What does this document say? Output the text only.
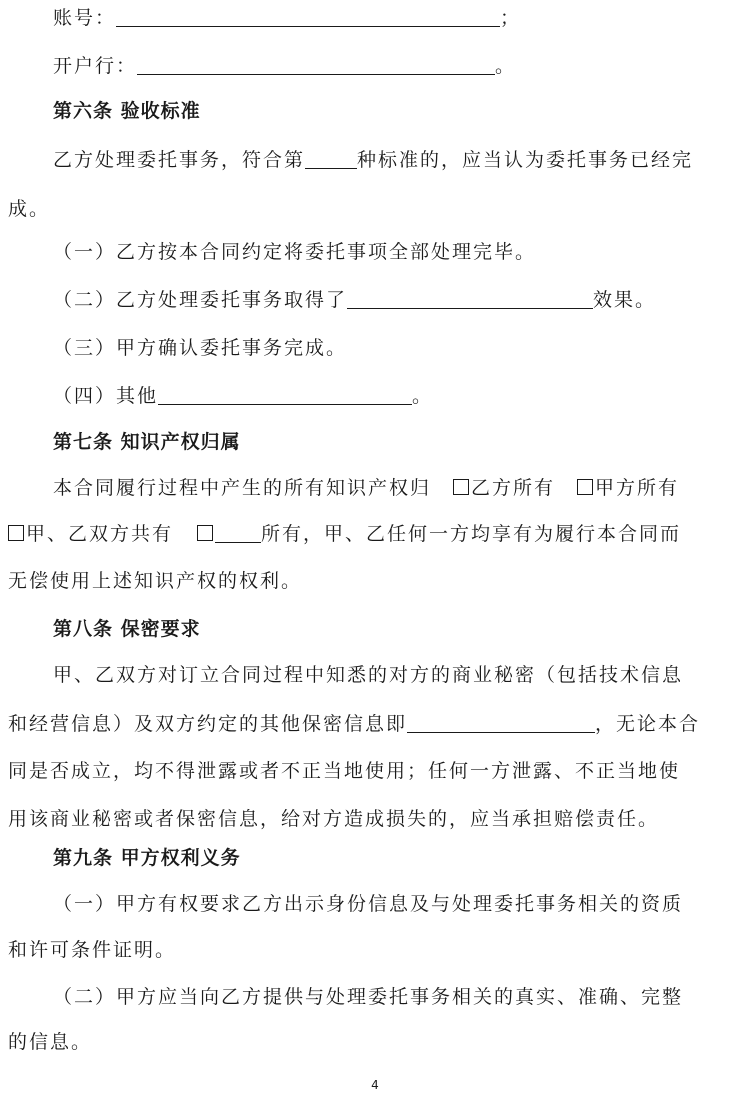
账号：	；
开户行：	。
第六条 验收标准
乙方处理委托事务，符合第	种标准的，应当认为委托事务已经完
成。
（一）乙方按本合同约定将委托事项全部处理完毕。
（二）乙方处理委托事务取得了	效果。
（三）甲方确认委托事务完成。
（四）其他	。
第七条 知识产权归属
本合同履行过程中产生的所有知识产权归 乙方所有 甲方所有
甲、乙双方共有	所有，甲、乙任何一方均享有为履行本合同而
无偿使用上述知识产权的权利。
第八条 保密要求
甲、乙双方对订立合同过程中知悉的对方的商业秘密（包括技术信息
和经营信息）及双方约定的其他保密信息即	，无论本合
同是否成立，均不得泄露或者不正当地使用；任何一方泄露、不正当地使
用该商业秘密或者保密信息，给对方造成损失的，应当承担赔偿责任。
第九条 甲方权利义务
（一）甲方有权要求乙方出示身份信息及与处理委托事务相关的资质
和许可条件证明。
（二）甲方应当向乙方提供与处理委托事务相关的真实、准确、完整
的信息。
4
